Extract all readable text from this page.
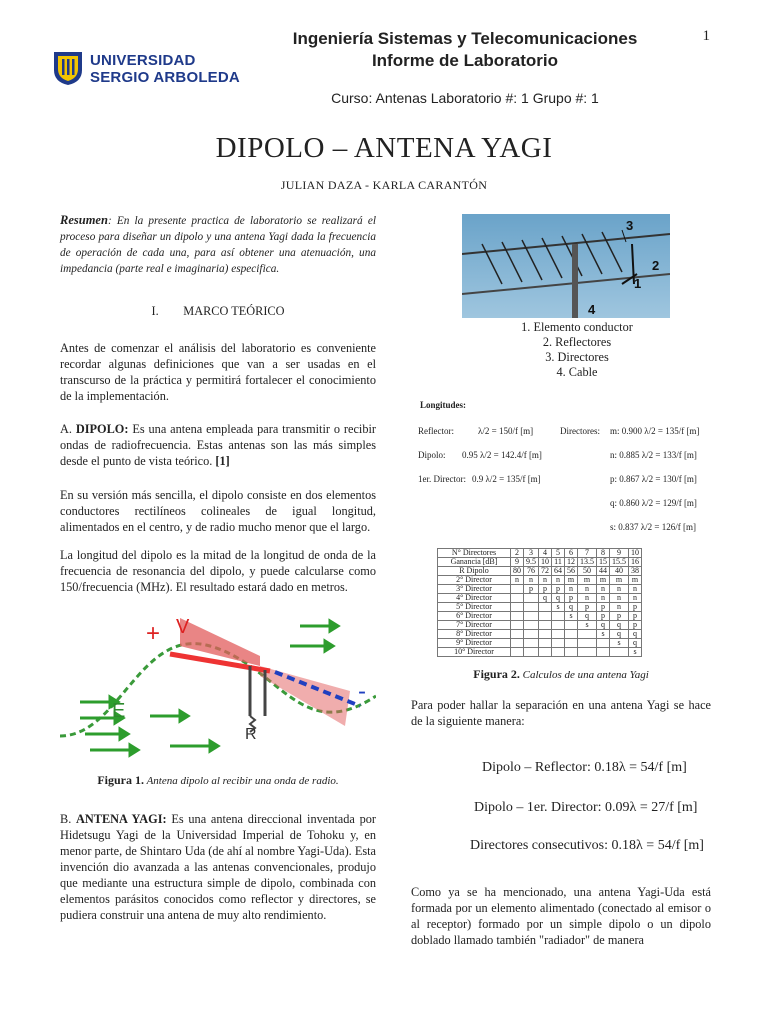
Ingeniería Sistemas y Telecomunicaciones
Informe de Laboratorio
1
UNIVERSIDAD
SERGIO ARBOLEDA
Curso: Antenas Laboratorio #: 1 Grupo #: 1
DIPOLO – ANTENA YAGI
JULIAN DAZA - KARLA CARANTÓN
Resumen: En la presente practica de laboratorio se realizará el proceso para diseñar un dipolo y una antena Yagi dada la frecuencia de operación de cada una, para así obtener una atenuación, una impedancia (parte real e imaginaria) especifica.
I. MARCO TEÓRICO
Antes de comenzar el análisis del laboratorio es conveniente recordar algunas definiciones que van a ser usadas en el transcurso de la práctica y permitirá fortalecer el conocimiento de la implementación.
A. DIPOLO: Es una antena empleada para transmitir o recibir ondas de radiofrecuencia. Estas antenas son las más simples desde el punto de vista teórico. [1]
En su versión más sencilla, el dipolo consiste en dos elementos conductores rectilíneos colineales de igual longitud, alimentados en el centro, y de radio mucho menor que el largo.
La longitud del dipolo es la mitad de la longitud de onda de la frecuencia de resonancia del dipolo, y puede calcularse como 150/frecuencia (MHz). El resultado estará dado en metros.
+
-
V
E
R
Figura 1. Antena dipolo al recibir una onda de radio.
B. ANTENA YAGI: Es una antena direccional inventada por Hidetsugu Yagi de la Universidad Imperial de Tohoku y, en menor parte, de Shintaro Uda (de ahí al nombre Yagi-Uda). Esta invención dio avanzada a las antenas convencionales, produjo que mediante una estructura simple de dipolo, combinada con elementos parásitos conocidos como reflector y directores, se pudiera construir una antena de muy alto rendimiento.
3
2
1
4
1. Elemento conductor
2. Reflectores
3. Directores
4. Cable
Longitudes:
Reflector:	λ/2 = 150/f [m]
Dipolo: 0.95 λ/2 = 142.4/f [m]
1er. Director: 0.9 λ/2 = 135/f [m]
Directores: m: 0.900 λ/2 = 135/f [m]
n: 0.885 λ/2 = 133/f [m]
p: 0.867 λ/2 = 130/f [m]
q: 0.860 λ/2 = 129/f [m]
s: 0.837 λ/2 = 126/f [m]
N° Directores	2	3	4	5	6	7	8	9	10
Ganancia [dB]	9	9.5	10	11	12	13.5	15	15.5	16
R Dipolo	80	76	72	64	56	50	44	40	38
2° Director	n	n	n	n	m	m	m	m	m
3° Director		p	p	p	n	n	n	n	n
4° Director			q	q	p	n	n	n	n
5° Director				s	q	p	p	n	p
6° Director					s	q	p	p	p
7° Director						s	q	q	p
8° Director							s	q	q
9° Director								s	q
10° Director									s
Figura 2. Calculos de una antena Yagi
Para poder hallar la separación en una antena Yagi se hace de la siguiente manera:
Dipolo – Reflector: 0.18λ = 54/f [m]
Dipolo – 1er. Director: 0.09λ = 27/f [m]
Directores consecutivos: 0.18λ = 54/f [m]
Como ya se ha mencionado, una antena Yagi-Uda está formada por un elemento alimentado (conectado al emisor o al receptor) formado por un simple dipolo o un dipolo doblado llamado también "radiador" de manera
